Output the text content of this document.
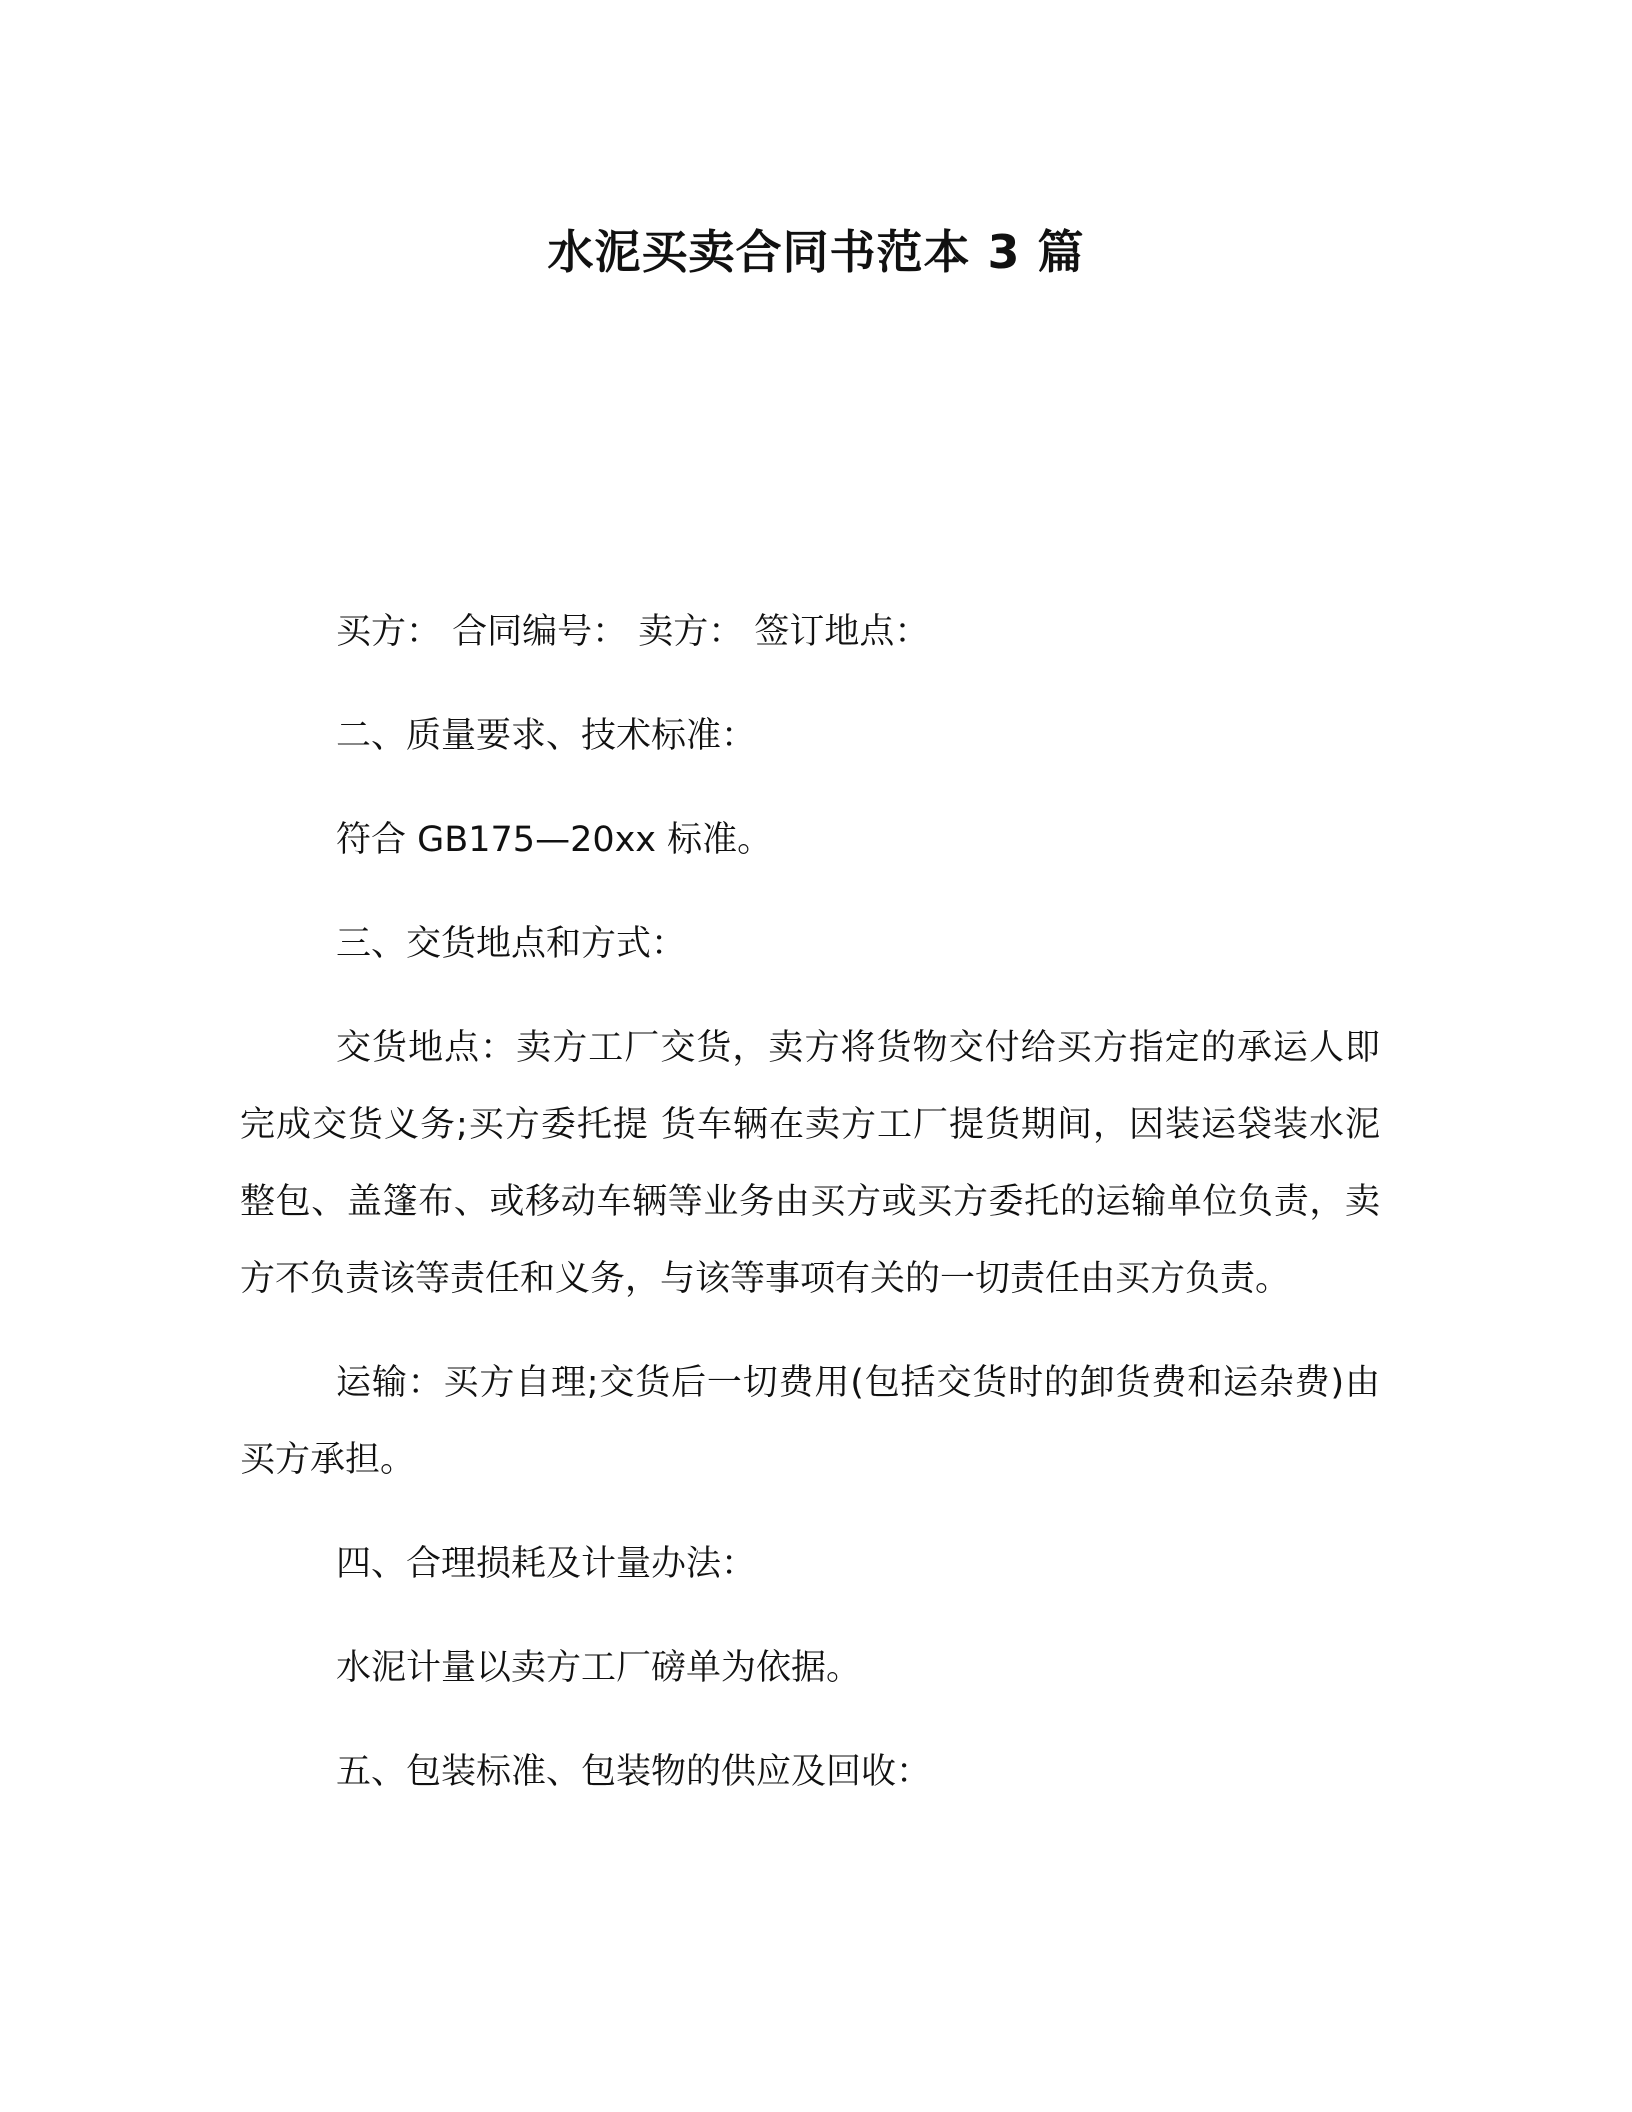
水泥买卖合同书范本 3 篇

买方： 合同编号： 卖方： 签订地点：

二、质量要求、技术标准：

符合 GB175—20xx 标准。

三、交货地点和方式：

交货地点：卖方工厂交货，卖方将货物交付给买方指定的承运人即完成交货义务;买方委托提 货车辆在卖方工厂提货期间，因装运袋装水泥整包、盖篷布、或移动车辆等业务由买方或买方委托的运输单位负责，卖方不负责该等责任和义务，与该等事项有关的一切责任由买方负责。

运输：买方自理;交货后一切费用(包括交货时的卸货费和运杂费)由买方承担。

四、合理损耗及计量办法：

水泥计量以卖方工厂磅单为依据。

五、包装标准、包装物的供应及回收：
